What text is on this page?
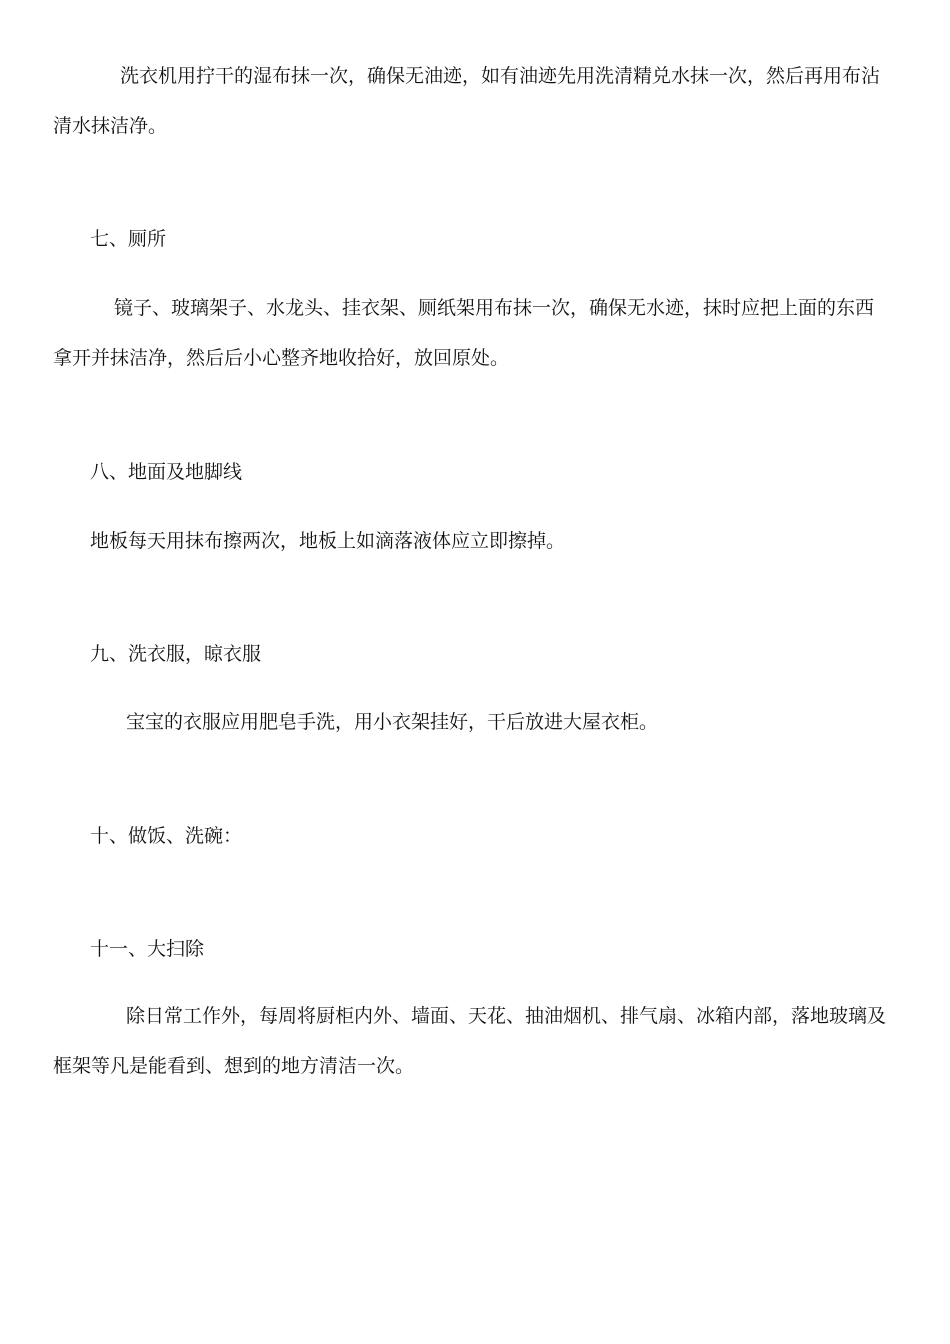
洗衣机用拧干的湿布抹一次，确保无油迹，如有油迹先用洗清精兑水抹一次，然后再用布沾
清水抹洁净。
七、厕所
镜子、玻璃架子、水龙头、挂衣架、厕纸架用布抹一次，确保无水迹，抹时应把上面的东西
拿开并抹洁净，然后后小心整齐地收拾好，放回原处。
八、地面及地脚线
地板每天用抹布擦两次，地板上如滴落液体应立即擦掉。
九、洗衣服，晾衣服
宝宝的衣服应用肥皂手洗，用小衣架挂好，干后放进大屋衣柜。
十、做饭、洗碗：
十一、大扫除
除日常工作外，每周将厨柜内外、墙面、天花、抽油烟机、排气扇、冰箱内部，落地玻璃及
框架等凡是能看到、想到的地方清洁一次。
